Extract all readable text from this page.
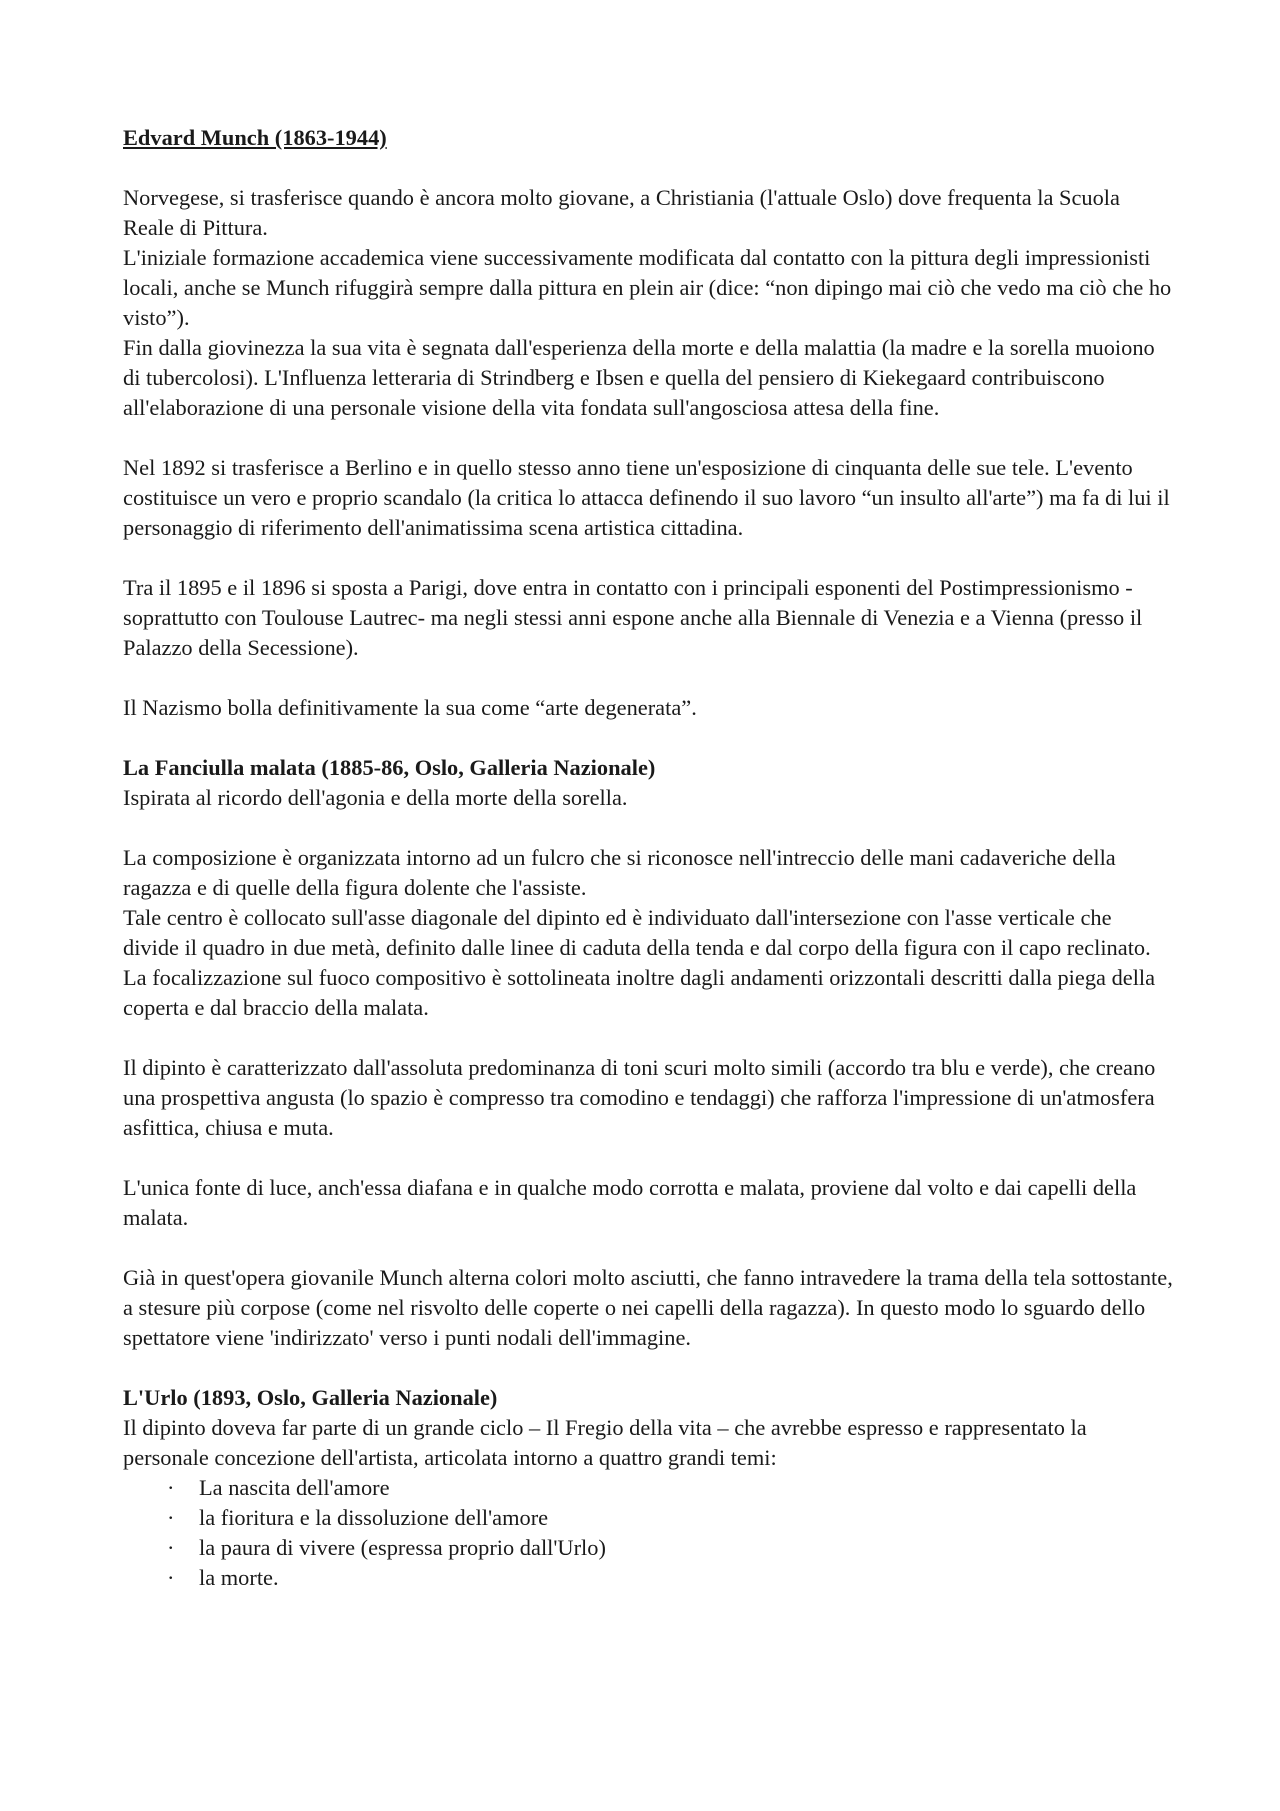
Edvard Munch (1863-1944)

Norvegese, si trasferisce quando è ancora molto giovane, a Christiania (l'attuale Oslo) dove frequenta la Scuola Reale di Pittura.

L'iniziale formazione accademica viene successivamente modificata dal contatto con la pittura degli impressionisti locali, anche se Munch rifuggirà sempre dalla pittura en plein air (dice: “non dipingo mai ciò che vedo ma ciò che ho visto”).

Fin dalla giovinezza la sua vita è segnata dall'esperienza della morte e della malattia (la madre e la sorella muoiono di tubercolosi). L'Influenza letteraria di Strindberg e Ibsen e quella del pensiero di Kiekegaard contribuiscono all'elaborazione di una personale visione della vita fondata sull'angosciosa attesa della fine.

Nel 1892 si trasferisce a Berlino e in quello stesso anno tiene un'esposizione di cinquanta delle sue tele. L'evento costituisce un vero e proprio scandalo (la critica lo attacca definendo il suo lavoro “un insulto all'arte”) ma fa di lui il personaggio di riferimento dell'animatissima scena artistica cittadina.

Tra il 1895 e il 1896 si sposta a Parigi, dove entra in contatto con i principali esponenti del Postimpressionismo -soprattutto con Toulouse Lautrec- ma negli stessi anni espone anche alla Biennale di Venezia e a Vienna (presso il Palazzo della Secessione).

Il Nazismo bolla definitivamente la sua come “arte degenerata”.

La Fanciulla malata (1885-86, Oslo, Galleria Nazionale)

Ispirata al ricordo dell'agonia e della morte della sorella.

La composizione è organizzata intorno ad un fulcro che si riconosce nell'intreccio delle mani cadaveriche della ragazza e di quelle della figura dolente che l'assiste.

Tale centro è collocato sull'asse diagonale del dipinto ed è individuato dall'intersezione con l'asse verticale che divide il quadro in due metà, definito dalle linee di caduta della tenda e dal corpo della figura con il capo reclinato.

La focalizzazione sul fuoco compositivo è sottolineata inoltre dagli andamenti orizzontali descritti dalla piega della coperta e dal braccio della malata.

Il dipinto è caratterizzato dall'assoluta predominanza di toni scuri molto simili (accordo tra blu e verde), che creano una prospettiva angusta (lo spazio è compresso tra comodino e tendaggi) che rafforza l'impressione di un'atmosfera asfittica, chiusa e muta.

L'unica fonte di luce, anch'essa diafana e in qualche modo corrotta e malata, proviene dal volto e dai capelli della malata.

Già in quest'opera giovanile Munch alterna colori molto asciutti, che fanno intravedere la trama della tela sottostante, a stesure più corpose (come nel risvolto delle coperte o nei capelli della ragazza). In questo modo lo sguardo dello spettatore viene 'indirizzato' verso i punti nodali dell'immagine.

L'Urlo (1893, Oslo, Galleria Nazionale)

Il dipinto doveva far parte di un grande ciclo – Il Fregio della vita – che avrebbe espresso e rappresentato la personale concezione dell'artista, articolata intorno a quattro grandi temi:

· La nascita dell'amore
· la fioritura e la dissoluzione dell'amore
· la paura di vivere (espressa proprio dall'Urlo)
· la morte.
